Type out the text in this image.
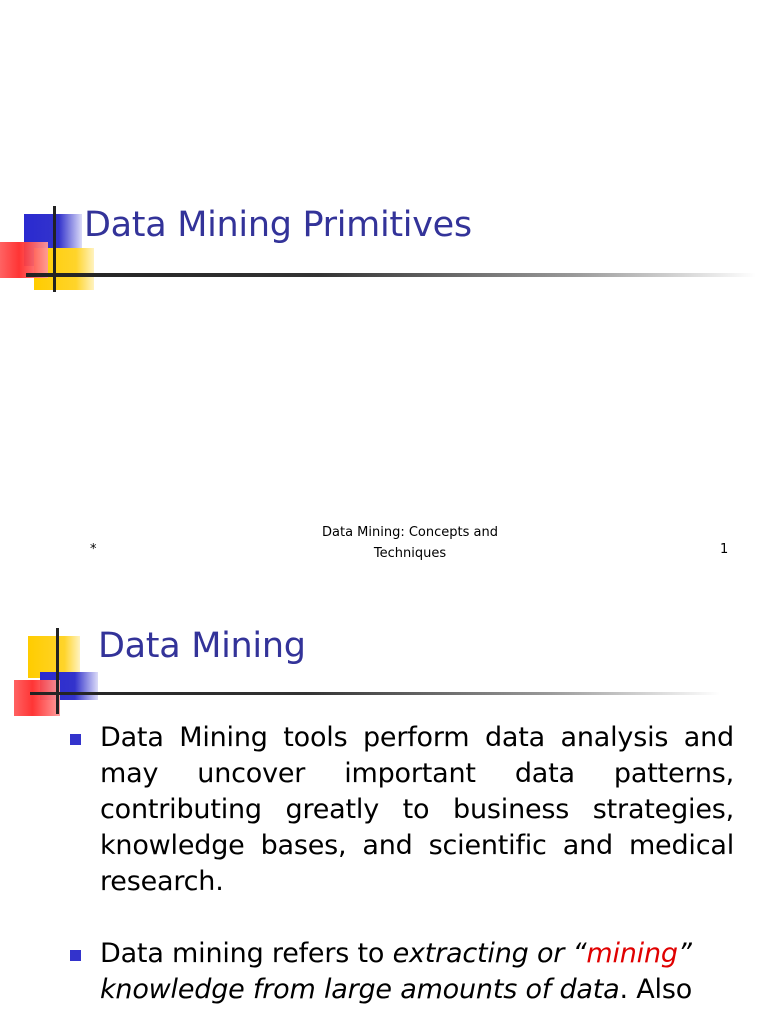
Data Mining Primitives
*
Data Mining: Concepts and
Techniques	1
Data Mining
Data Mining tools perform data analysis and may uncover important data patterns, contributing greatly to business strategies, knowledge bases, and scientific and medical research.
Data mining refers to extracting or “mining” knowledge from large amounts of data. Also
